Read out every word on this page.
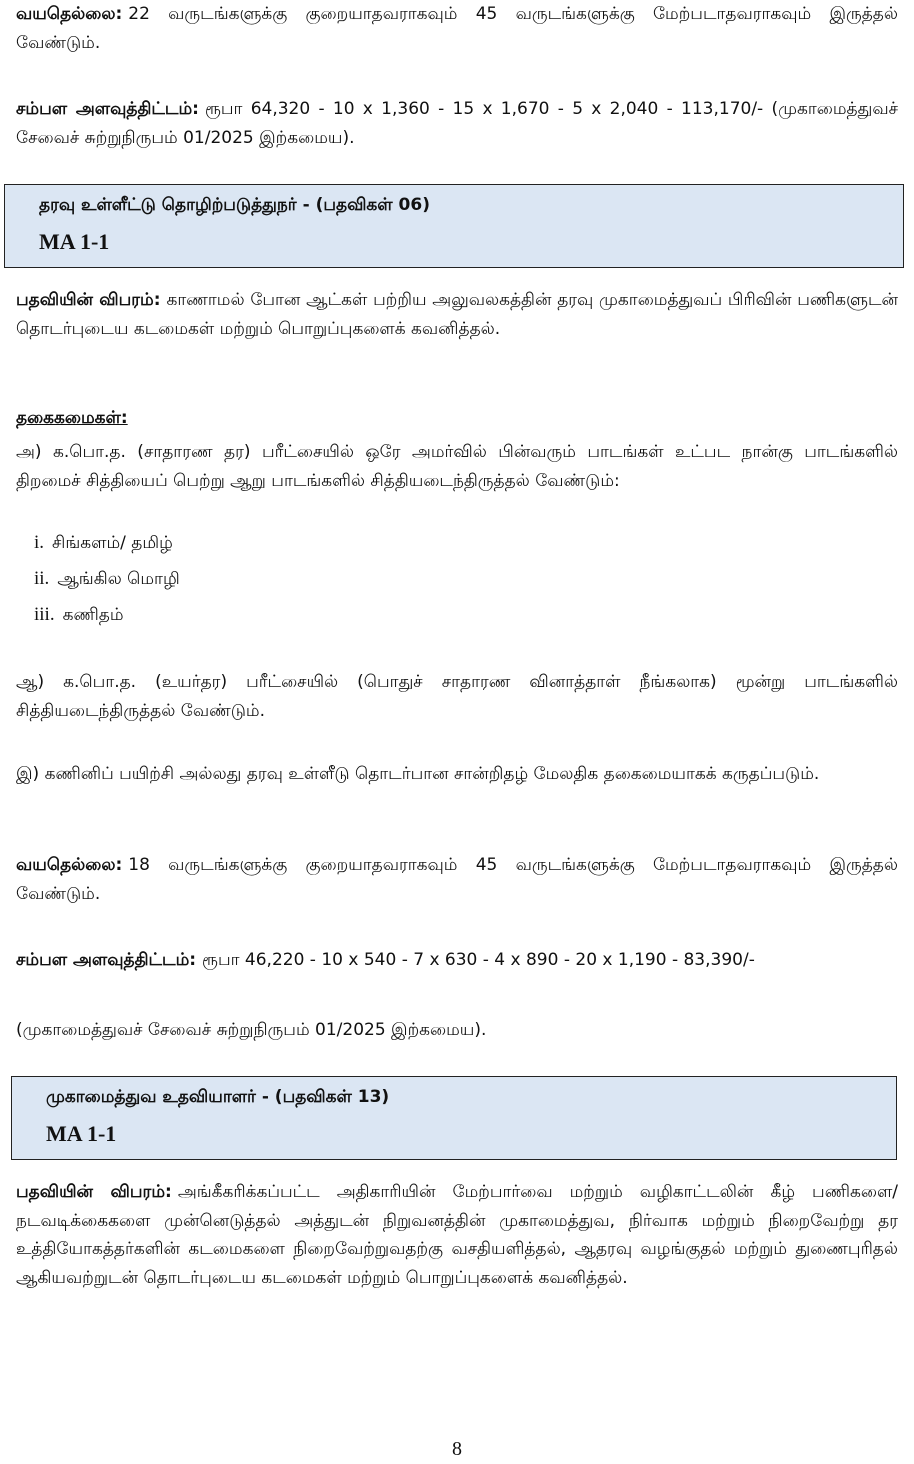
வயதெல்லை: 22 வருடங்களுக்கு குறையாதவராகவும் 45 வருடங்களுக்கு மேற்படாதவராகவும் இருத்தல் வேண்டும்.

சம்பள அளவுத்திட்டம்: ரூபா 64,320 - 10 x 1,360 - 15 x 1,670 - 5 x 2,040 - 113,170/- (முகாமைத்துவச் சேவைச் சுற்றுநிருபம் 01/2025 இற்கமைய).

தரவு உள்ளீட்டு தொழிற்படுத்துநர் - (பதவிகள் 06)
MA 1-1

பதவியின் விபரம்: காணாமல் போன ஆட்கள் பற்றிய அலுவலகத்தின் தரவு முகாமைத்துவப் பிரிவின் பணிகளுடன் தொடர்புடைய கடமைகள் மற்றும் பொறுப்புகளைக் கவனித்தல்.

தகைகமைகள்:

அ) க.பொ.த. (சாதாரண தர) பரீட்சையில் ஒரே அமர்வில் பின்வரும் பாடங்கள் உட்பட நான்கு பாடங்களில் திறமைச் சித்தியைப் பெற்று ஆறு பாடங்களில் சித்தியடைந்திருத்தல் வேண்டும்:

i. சிங்களம்/ தமிழ்
ii. ஆங்கில மொழி
iii. கணிதம்

ஆ) க.பொ.த. (உயர்தர) பரீட்சையில் (பொதுச் சாதாரண வினாத்தாள் நீங்கலாக) மூன்று பாடங்களில் சித்தியடைந்திருத்தல் வேண்டும்.

இ) கணினிப் பயிற்சி அல்லது தரவு உள்ளீடு தொடர்பான சான்றிதழ் மேலதிக தகைமையாகக் கருதப்படும்.

வயதெல்லை: 18 வருடங்களுக்கு குறையாதவராகவும் 45 வருடங்களுக்கு மேற்படாதவராகவும் இருத்தல் வேண்டும்.

சம்பள அளவுத்திட்டம்: ரூபா 46,220 - 10 x 540 - 7 x 630 - 4 x 890 - 20 x 1,190 - 83,390/-

(முகாமைத்துவச் சேவைச் சுற்றுநிருபம் 01/2025 இற்கமைய).

முகாமைத்துவ உதவியாளர் - (பதவிகள் 13)
MA 1-1

பதவியின் விபரம்: அங்கீகரிக்கப்பட்ட அதிகாரியின் மேற்பார்வை மற்றும் வழிகாட்டலின் கீழ் பணிகளை/ நடவடிக்கைகளை முன்னெடுத்தல் அத்துடன் நிறுவனத்தின் முகாமைத்துவ, நிர்வாக மற்றும் நிறைவேற்று தர உத்தியோகத்தர்களின் கடமைகளை நிறைவேற்றுவதற்கு வசதியளித்தல், ஆதரவு வழங்குதல் மற்றும் துணைபுரிதல் ஆகியவற்றுடன் தொடர்புடைய கடமைகள் மற்றும் பொறுப்புகளைக் கவனித்தல்.

8
